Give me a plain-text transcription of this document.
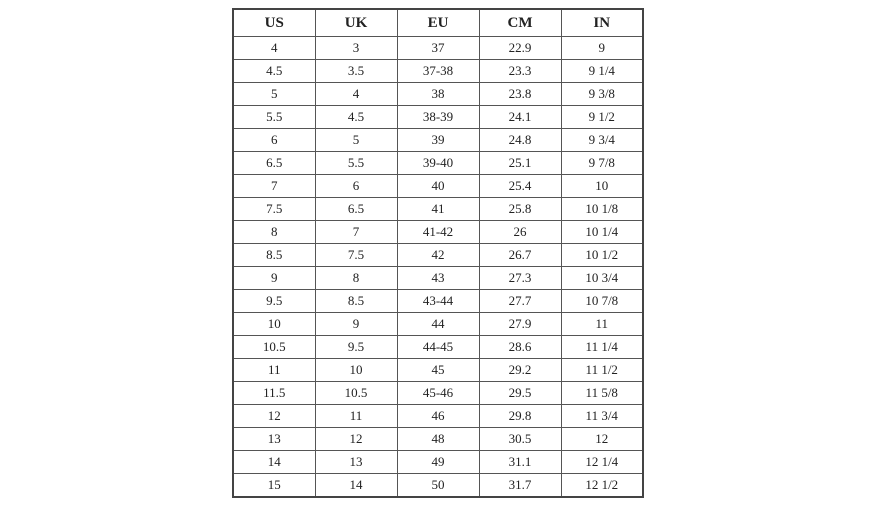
US	UK	EU	CM	IN
4	3	37	22.9	9
4.5	3.5	37-38	23.3	9 1/4
5	4	38	23.8	9 3/8
5.5	4.5	38-39	24.1	9 1/2
6	5	39	24.8	9 3/4
6.5	5.5	39-40	25.1	9 7/8
7	6	40	25.4	10
7.5	6.5	41	25.8	10 1/8
8	7	41-42	26	10 1/4
8.5	7.5	42	26.7	10 1/2
9	8	43	27.3	10 3/4
9.5	8.5	43-44	27.7	10 7/8
10	9	44	27.9	11
10.5	9.5	44-45	28.6	11 1/4
11	10	45	29.2	11 1/2
11.5	10.5	45-46	29.5	11 5/8
12	11	46	29.8	11 3/4
13	12	48	30.5	12
14	13	49	31.1	12 1/4
15	14	50	31.7	12 1/2
